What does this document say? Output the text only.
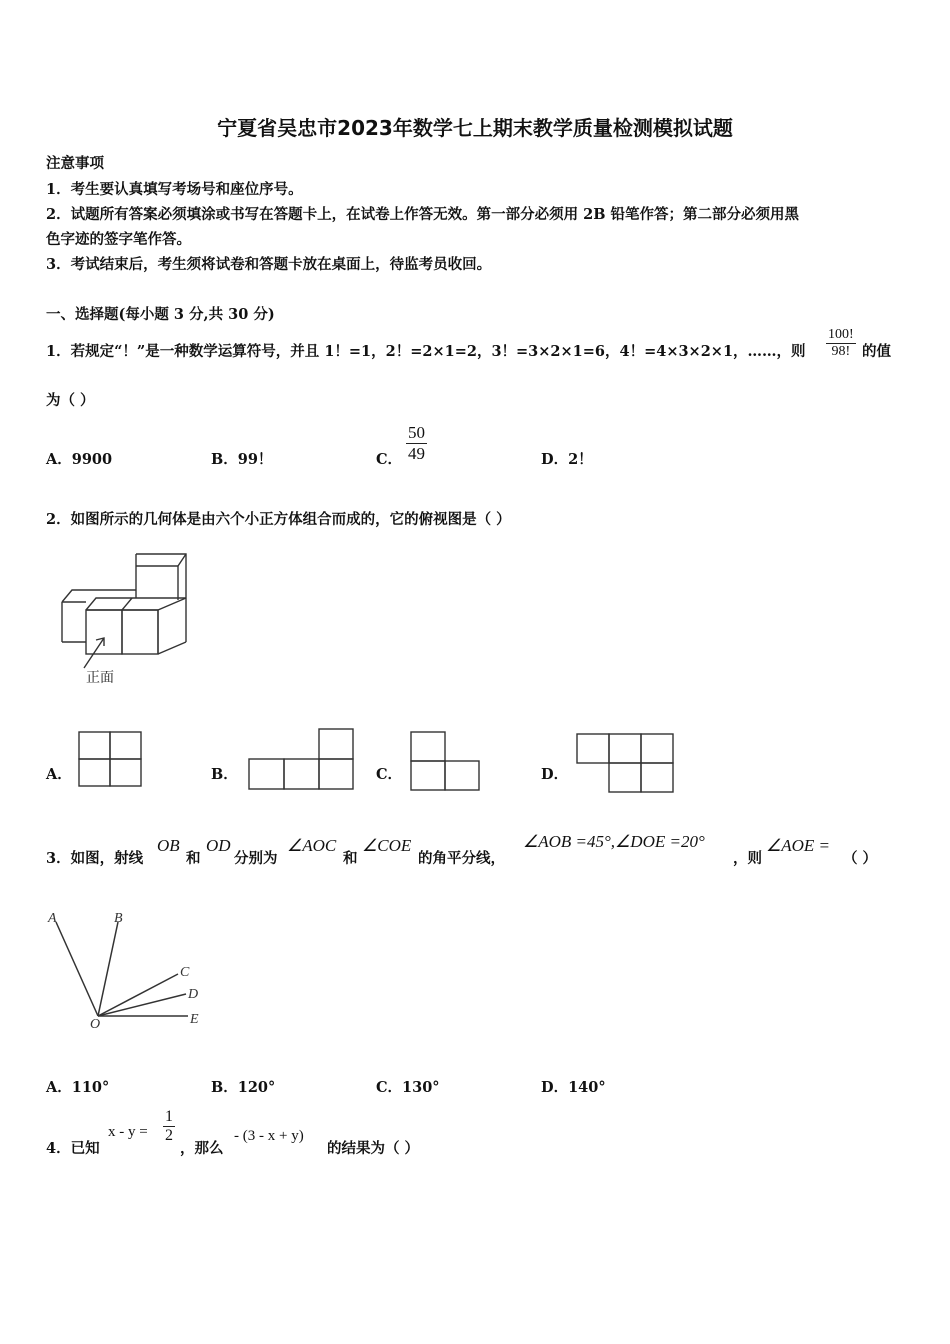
宁夏省吴忠市2023年数学七上期末教学质量检测模拟试题
注意事项
1．考生要认真填写考场号和座位序号。
2．试题所有答案必须填涂或书写在答题卡上，在试卷上作答无效。第一部分必须用 2B 铅笔作答；第二部分必须用黑
色字迹的签字笔作答。
3．考试结束后，考生须将试卷和答题卡放在桌面上，待监考员收回。
一、选择题(每小题 3 分,共 30 分)
1．若规定“！”是一种数学运算符号，并且 1！=1，2！=2×1=2，3！=3×2×1=6，4！=4×3×2×1，……，则 $\frac{100!}{98!}$ 的值
为（ ）
A．9900	B．99！	C． $\frac{50}{49}$	D．2！
2．如图所示的几何体是由六个小正方体组合而成的，它的俯视图是（ ）
正面
A．	B．	C．	D．
3．如图，射线
OB
和
OD
分别为
∠AOC
和
∠COE
的角平分线，
∠AOB =45°,∠DOE =20°
，则
∠AOE =
（ ）
A	B
C
D
E
O
A．110°	B．120°	C．130°	D．140°
4．已知
$x - y = \frac{1}{2}$
，那么
- (3 - x + y)
的结果为（ ）
